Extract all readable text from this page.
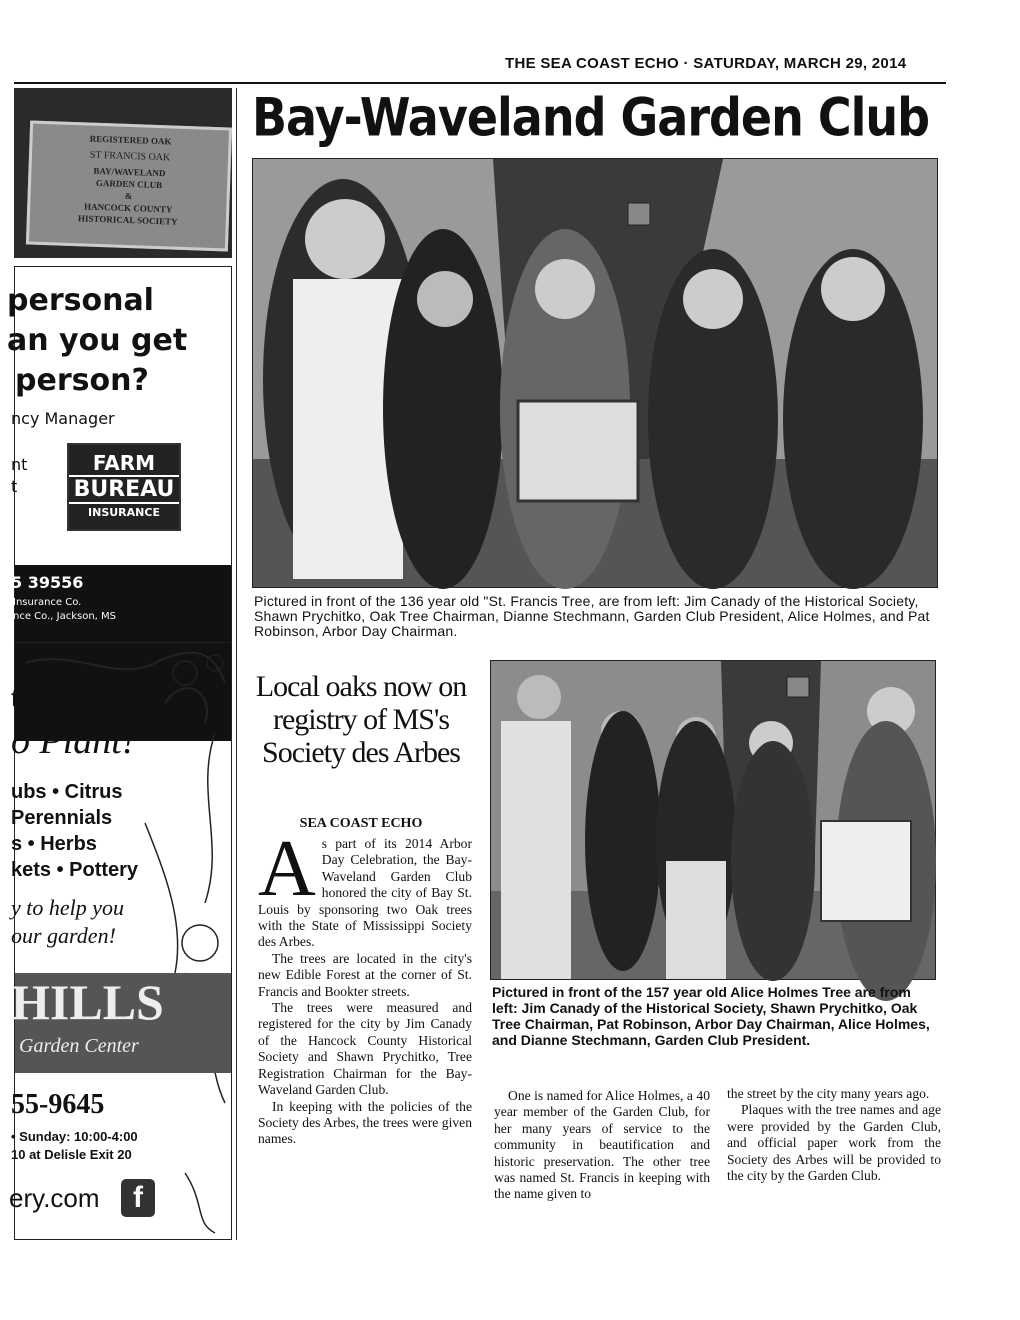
THE SEA COAST ECHO · SATURDAY, MARCH 29, 2014
REGISTERED OAK
ST FRANCIS OAK
BAY/WAVELAND
GARDEN CLUB
&
HANCOCK COUNTY
HISTORICAL SOCIETY
personal
an you get
person?
ncy Manager
nt
t
FARM
BUREAU
INSURANCE
Get Real Auto • Home • Life
5 39556
Insurance Co.
nce Co., Jackson, MS
time...
o Plant!
ubs • Citrus
Perennials
s • Herbs
kets • Pottery
y to help you
our garden!
HILLS
Garden Center
55-9645
• Sunday: 10:00-4:00
10 at Delisle Exit 20
ery.com	f
Bay-Waveland Garden Club
Pictured in front of the 136 year old "St. Francis Tree, are from left: Jim Canady of the Historical Society, Shawn Prychitko, Oak Tree Chairman, Dianne Stechmann, Garden Club President, Alice Holmes, and Pat Robinson, Arbor Day Chairman.
Local oaks now on registry of MS's Society des Arbes
SEA COAST ECHO

As part of its 2014 Arbor Day Celebration, the Bay-Waveland Garden Club honored the city of Bay St. Louis by sponsoring two Oak trees with the State of Mississippi Society des Arbes.

The trees are located in the city's new Edible Forest at the corner of St. Francis and Bookter streets.

The trees were measured and registered for the city by Jim Canady of the Hancock County Historical Society and Shawn Prychitko, Tree Registration Chairman for the Bay-Waveland Garden Club.

In keeping with the policies of the Society des Arbes, the trees were given names.

Pictured in front of the 157 year old Alice Holmes Tree are from left: Jim Canady of the Historical Society, Shawn Prychitko, Oak Tree Chairman, Pat Robinson, Arbor Day Chairman, Alice Holmes, and Dianne Stechmann, Garden Club President.

One is named for Alice Holmes, a 40 year member of the Garden Club, for her many years of service to the community in beautification and historic preservation. The other tree was named St. Francis in keeping with the name given to

the street by the city many years ago.

Plaques with the tree names and age were provided by the Garden Club, and official paper work from the Society des Arbes will be provided to the city by the Garden Club.
